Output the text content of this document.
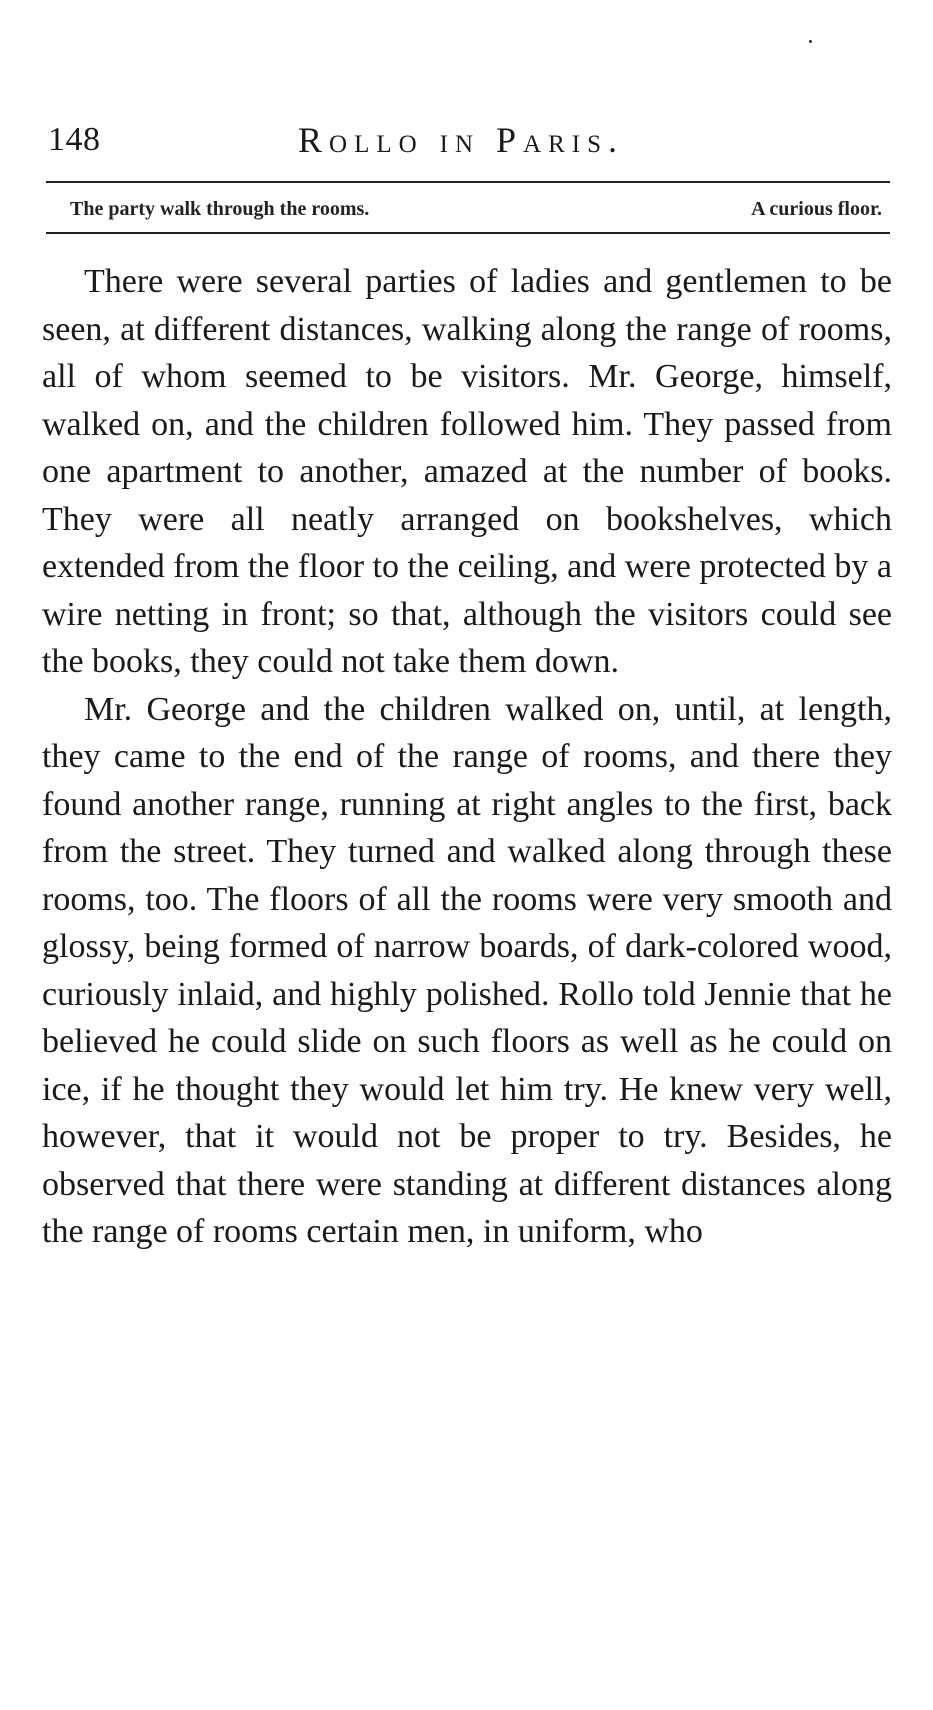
148	Rollo in Paris.
The party walk through the rooms.	A curious floor.

There were several parties of ladies and gentlemen to be seen, at different distances, walking along the range of rooms, all of whom seemed to be visitors. Mr. George, himself, walked on, and the children followed him. They passed from one apartment to another, amazed at the number of books. They were all neatly arranged on bookshelves, which extended from the floor to the ceiling, and were protected by a wire netting in front; so that, although the visitors could see the books, they could not take them down.

Mr. George and the children walked on, until, at length, they came to the end of the range of rooms, and there they found another range, running at right angles to the first, back from the street. They turned and walked along through these rooms, too. The floors of all the rooms were very smooth and glossy, being formed of narrow boards, of dark-colored wood, curiously inlaid, and highly polished. Rollo told Jennie that he believed he could slide on such floors as well as he could on ice, if he thought they would let him try. He knew very well, however, that it would not be proper to try. Besides, he observed that there were standing at different distances along the range of rooms certain men, in uniform, who
